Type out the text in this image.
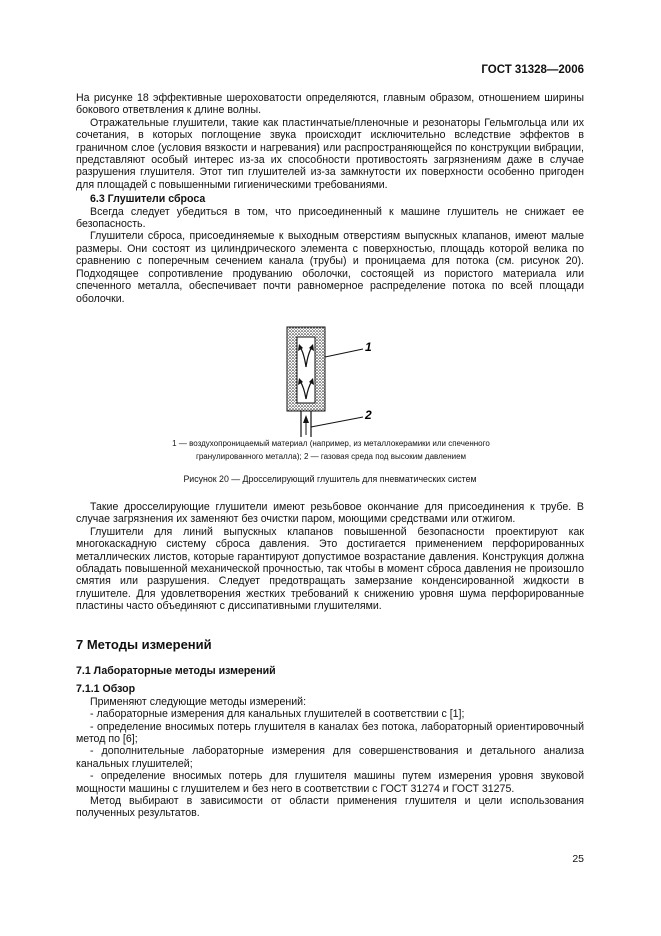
ГОСТ 31328—2006

На рисунке 18 эффективные шероховатости определяются, главным образом, отношением ширины бокового ответвления к длине волны.

Отражательные глушители, такие как пластинчатые/пленочные и резонаторы Гельмгольца или их сочетания, в которых поглощение звука происходит исключительно вследствие эффектов в граничном слое (условия вязкости и нагревания) или распространяющейся по конструкции вибрации, представляют особый интерес из-за их способности противостоять загрязнениям даже в случае разрушения глушителя. Этот тип глушителей из-за замкнутости их поверхности особенно пригоден для площадей с повышенными гигиеническими требованиями.

6.3 Глушители сброса

Всегда следует убедиться в том, что присоединенный к машине глушитель не снижает ее безопасность.

Глушители сброса, присоединяемые к выходным отверстиям выпускных клапанов, имеют малые размеры. Они состоят из цилиндрического элемента с поверхностью, площадь которой велика по сравнению с поперечным сечением канала (трубы) и проницаема для потока (см. рисунок 20). Подходящее сопротивление продуванию оболочки, состоящей из пористого материала или спеченного металла, обеспечивает почти равномерное распределение потока по всей площади оболочки.

1
2
1 — воздухопроницаемый материал (например, из металлокерамики или спеченного
гранулированного металла); 2 — газовая среда под высоким давлением
Рисунок 20 — Дросселирующий глушитель для пневматических систем

Такие дросселирующие глушители имеют резьбовое окончание для присоединения к трубе. В случае загрязнения их заменяют без очистки паром, моющими средствами или отжигом.

Глушители для линий выпускных клапанов повышенной безопасности проектируют как многокаскадную систему сброса давления. Это достигается применением перфорированных металлических листов, которые гарантируют допустимое возрастание давления. Конструкция должна обладать повышенной механической прочностью, так чтобы в момент сброса давления не произошло смятия или разрушения. Следует предотвращать замерзание конденсированной жидкости в глушителе. Для удовлетворения жестких требований к снижению уровня шума перфорированные пластины часто объединяют с диссипативными глушителями.

7 Методы измерений

7.1 Лабораторные методы измерений

7.1.1 Обзор

Применяют следующие методы измерений:

- лабораторные измерения для канальных глушителей в соответствии с [1];

- определение вносимых потерь глушителя в каналах без потока, лабораторный ориентировочный метод по [6];

- дополнительные лабораторные измерения для совершенствования и детального анализа канальных глушителей;

- определение вносимых потерь для глушителя машины путем измерения уровня звуковой мощности машины с глушителем и без него в соответствии с ГОСТ 31274 и ГОСТ 31275.

Метод выбирают в зависимости от области применения глушителя и цели использования полученных результатов.

25
